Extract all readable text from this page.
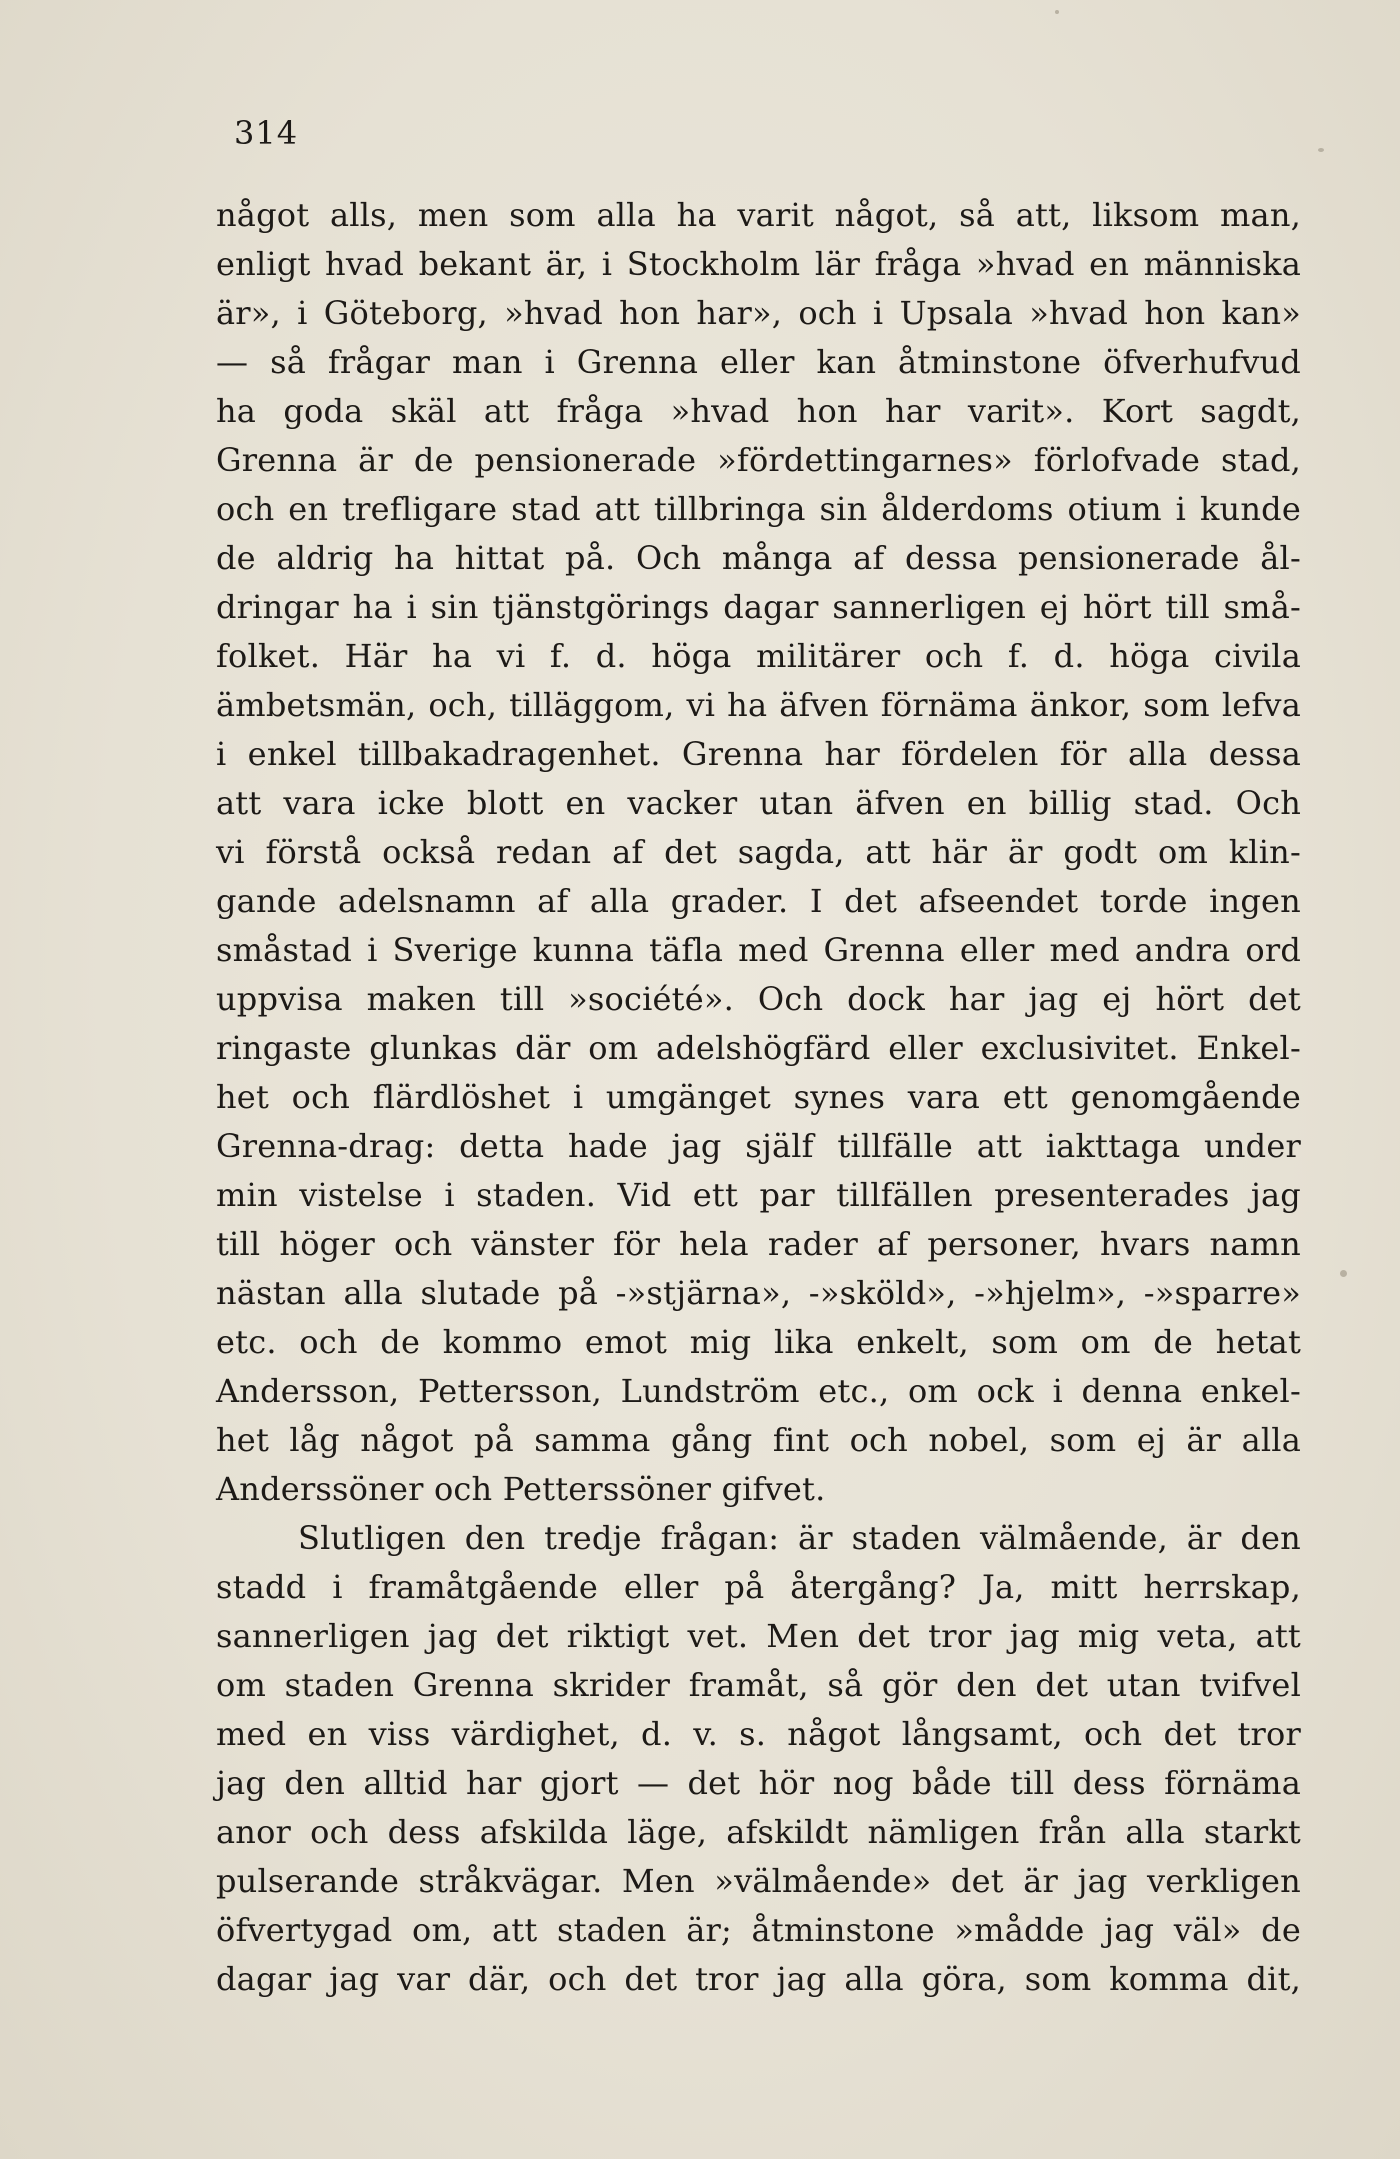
314
något alls, men som alla ha varit något, så att, liksom man,
enligt hvad bekant är, i Stockholm lär fråga »hvad en människa
är», i Göteborg, »hvad hon har», och i Upsala »hvad hon kan»
— så frågar man i Grenna eller kan åtminstone öfverhufvud
ha goda skäl att fråga »hvad hon har varit». Kort sagdt,
Grenna är de pensionerade »fördettingarnes» förlofvade stad,
och en trefligare stad att tillbringa sin ålderdoms otium i kunde
de aldrig ha hittat på. Och många af dessa pensionerade ål-
dringar ha i sin tjänstgörings dagar sannerligen ej hört till små-
folket. Här ha vi f. d. höga militärer och f. d. höga civila
ämbetsmän, och, tilläggom, vi ha äfven förnäma änkor, som lefva
i enkel tillbakadragenhet. Grenna har fördelen för alla dessa
att vara icke blott en vacker utan äfven en billig stad. Och
vi förstå också redan af det sagda, att här är godt om klin-
gande adelsnamn af alla grader. I det afseendet torde ingen
småstad i Sverige kunna täfla med Grenna eller med andra ord
uppvisa maken till »société». Och dock har jag ej hört det
ringaste glunkas där om adelshögfärd eller exclusivitet. Enkel-
het och flärdlöshet i umgänget synes vara ett genomgående
Grenna-drag: detta hade jag själf tillfälle att iakttaga under
min vistelse i staden. Vid ett par tillfällen presenterades jag
till höger och vänster för hela rader af personer, hvars namn
nästan alla slutade på -»stjärna», -»sköld», -»hjelm», -»sparre»
etc. och de kommo emot mig lika enkelt, som om de hetat
Andersson, Pettersson, Lundström etc., om ock i denna enkel-
het låg något på samma gång fint och nobel, som ej är alla
Anderssöner och Petterssöner gifvet.
Slutligen den tredje frågan: är staden välmående, är den
stadd i framåtgående eller på återgång? Ja, mitt herrskap,
sannerligen jag det riktigt vet. Men det tror jag mig veta, att
om staden Grenna skrider framåt, så gör den det utan tvifvel
med en viss värdighet, d. v. s. något långsamt, och det tror
jag den alltid har gjort — det hör nog både till dess förnäma
anor och dess afskilda läge, afskildt nämligen från alla starkt
pulserande stråkvägar. Men »välmående» det är jag verkligen
öfvertygad om, att staden är; åtminstone »mådde jag väl» de
dagar jag var där, och det tror jag alla göra, som komma dit,
